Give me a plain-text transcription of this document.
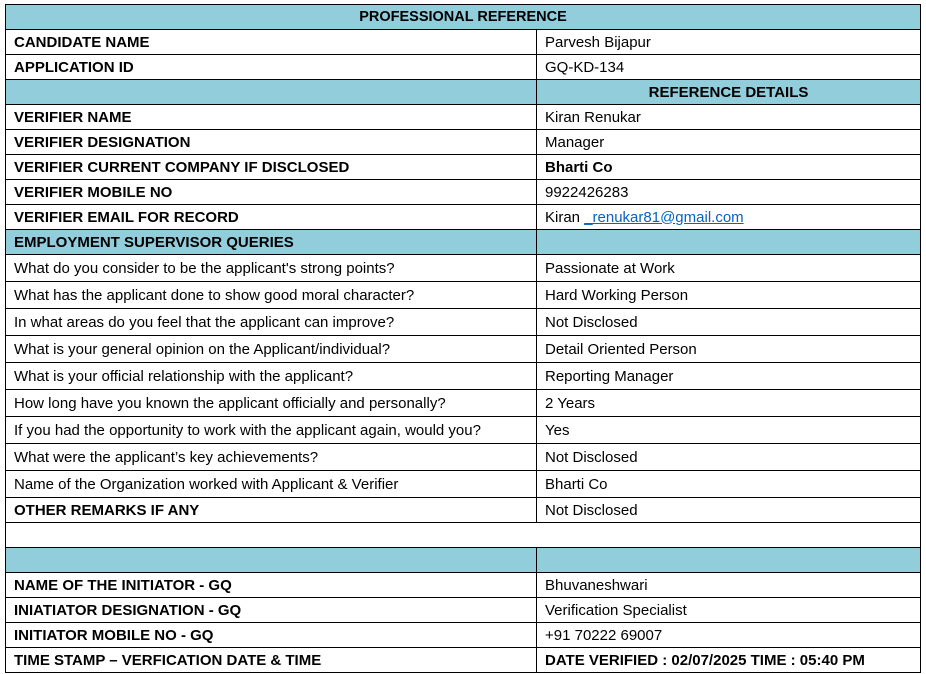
PROFESSIONAL REFERENCE	
CANDIDATE NAME	Parvesh Bijapur
APPLICATION ID	GQ-KD-134
	REFERENCE DETAILS
VERIFIER NAME	Kiran Renukar
VERIFIER DESIGNATION	Manager
VERIFIER CURRENT COMPANY IF DISCLOSED	Bharti Co
VERIFIER MOBILE NO	9922426283
VERIFIER EMAIL FOR RECORD	Kiran _renukar81@gmail.com
EMPLOYMENT SUPERVISOR QUERIES	
What do you consider to be the applicant's strong points?	Passionate at Work
What has the applicant done to show good moral character?	Hard Working Person
In what areas do you feel that the applicant can improve?	Not Disclosed
What is your general opinion on the Applicant/individual?	Detail Oriented Person
What is your official relationship with the applicant?	Reporting Manager
How long have you known the applicant officially and personally?	2 Years
If you had the opportunity to work with the applicant again, would you?	Yes
What were the applicant’s key achievements?	Not Disclosed
Name of the Organization worked with Applicant & Verifier	Bharti Co
OTHER REMARKS IF ANY	Not Disclosed

NAME OF THE INITIATOR - GQ	Bhuvaneshwari
INIATIATOR DESIGNATION - GQ	Verification Specialist
INITIATOR MOBILE NO - GQ	+91 70222 69007
TIME STAMP – VERFICATION DATE & TIME	DATE VERIFIED : 02/07/2025 TIME : 05:40 PM
